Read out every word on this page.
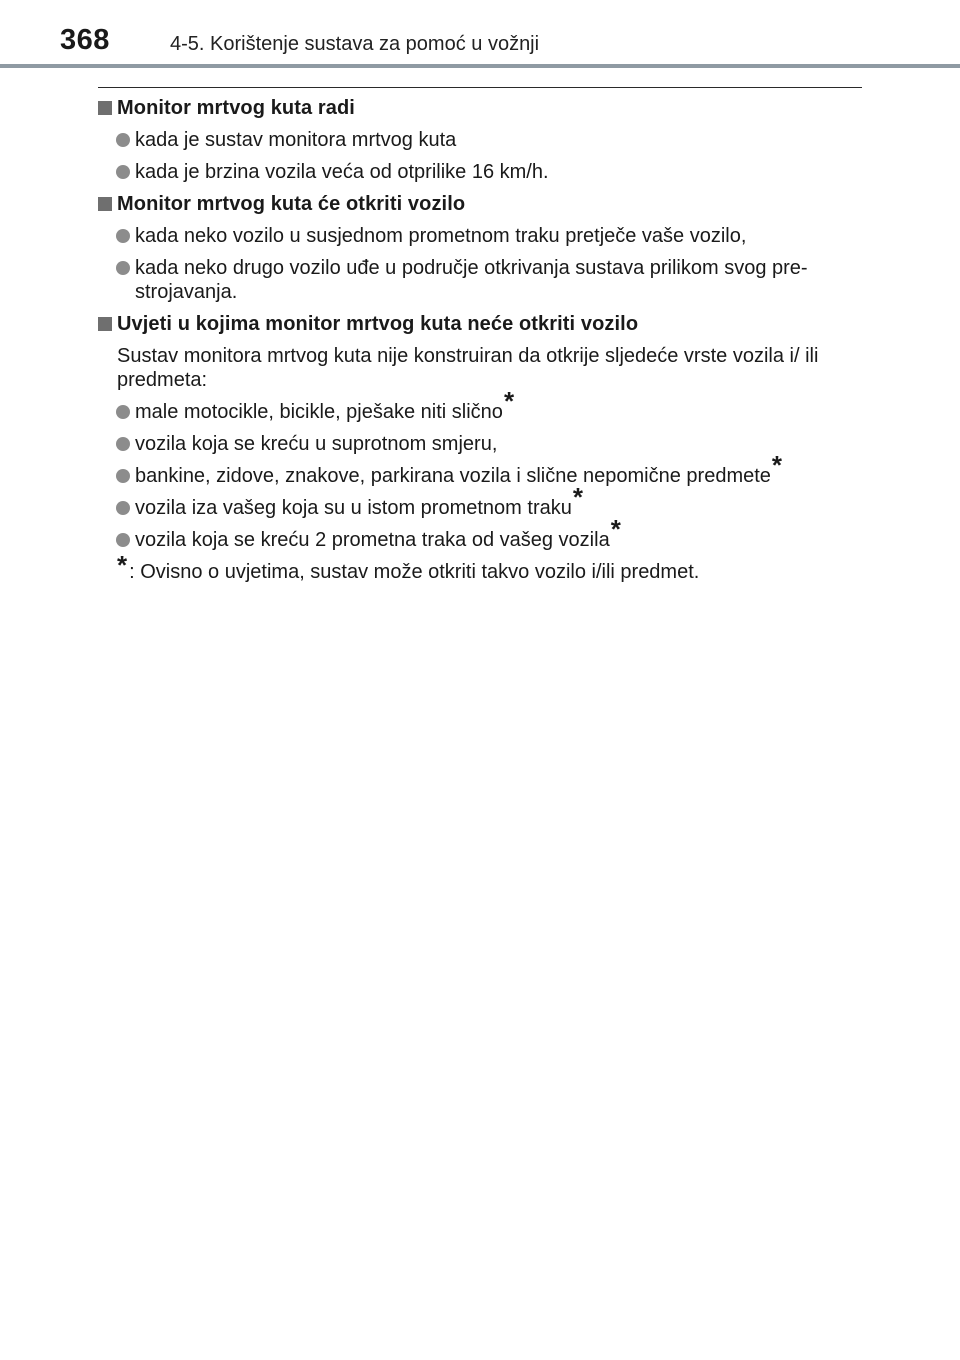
368	4-5. Korištenje sustava za pomoć u vožnji
Monitor mrtvog kuta radi
kada je sustav monitora mrtvog kuta
kada je brzina vozila veća od otprilike 16 km/h.
Monitor mrtvog kuta će otkriti vozilo
kada neko vozilo u susjednom prometnom traku pretječe vaše vozilo,
kada neko drugo vozilo uđe u područje otkrivanja sustava prilikom svog pre- strojavanja.
Uvjeti u kojima monitor mrtvog kuta neće otkriti vozilo
Sustav monitora mrtvog kuta nije konstruiran da otkrije sljedeće vrste vozila i/ ili predmeta:
male motocikle, bicikle, pješake niti slično*
vozila koja se kreću u suprotnom smjeru,
bankine, zidove, znakove, parkirana vozila i slične nepomične predmete*
vozila iza vašeg koja su u istom prometnom traku*
vozila koja se kreću 2 prometna traka od vašeg vozila*
* : Ovisno o uvjetima, sustav može otkriti takvo vozilo i/ili predmet.
